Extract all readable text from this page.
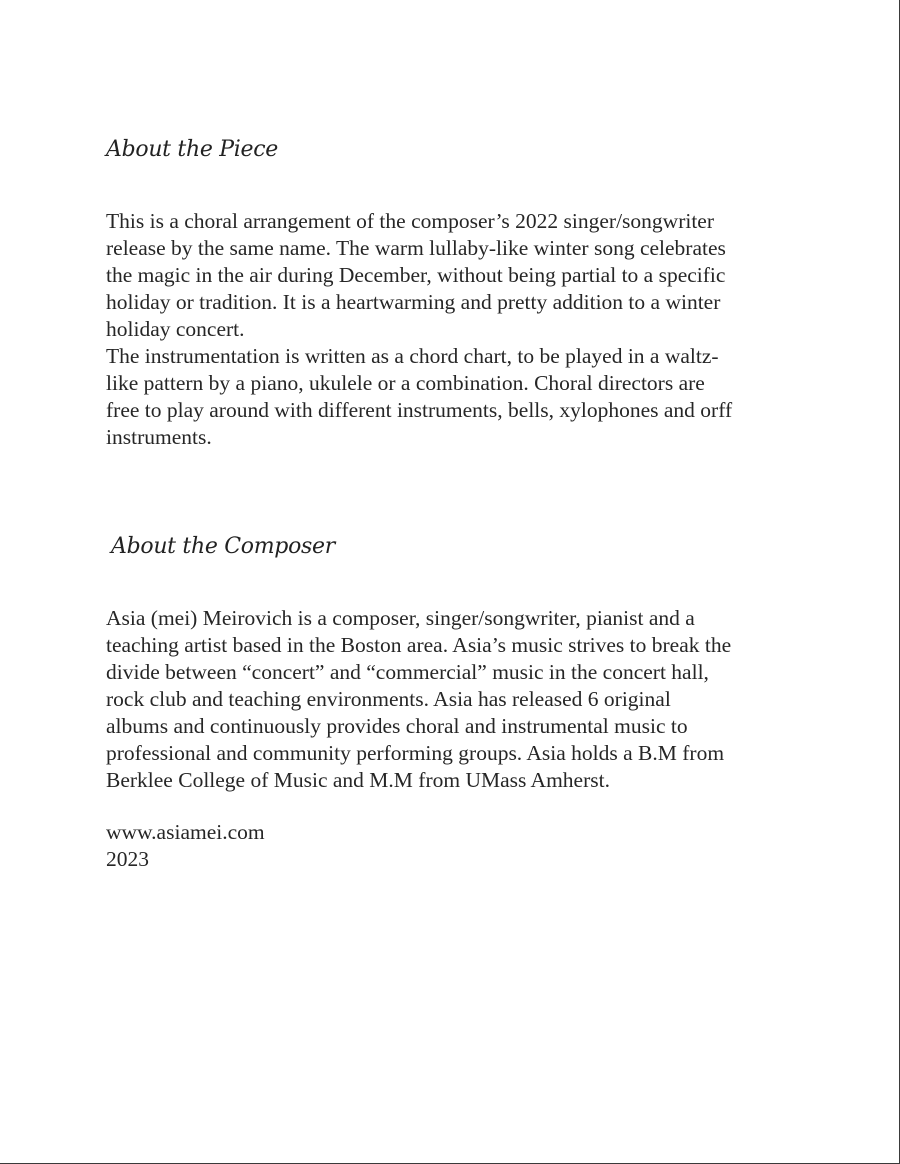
About the Piece
This is a choral arrangement of the composer’s 2022 singer/songwriter
release by the same name. The warm lullaby-like winter song celebrates
the magic in the air during December, without being partial to a specific
holiday or tradition. It is a heartwarming and pretty addition to a winter
holiday concert.
The instrumentation is written as a chord chart, to be played in a waltz-
like pattern by a piano, ukulele or a combination. Choral directors are
free to play around with different instruments, bells, xylophones and orff
instruments.
About the Composer
Asia (mei) Meirovich is a composer, singer/songwriter, pianist and a
teaching artist based in the Boston area. Asia’s music strives to break the
divide between “concert” and “commercial” music in the concert hall,
rock club and teaching environments. Asia has released 6 original
albums and continuously provides choral and instrumental music to
professional and community performing groups. Asia holds a B.M from
Berklee College of Music and M.M from UMass Amherst.
www.asiamei.com
2023
